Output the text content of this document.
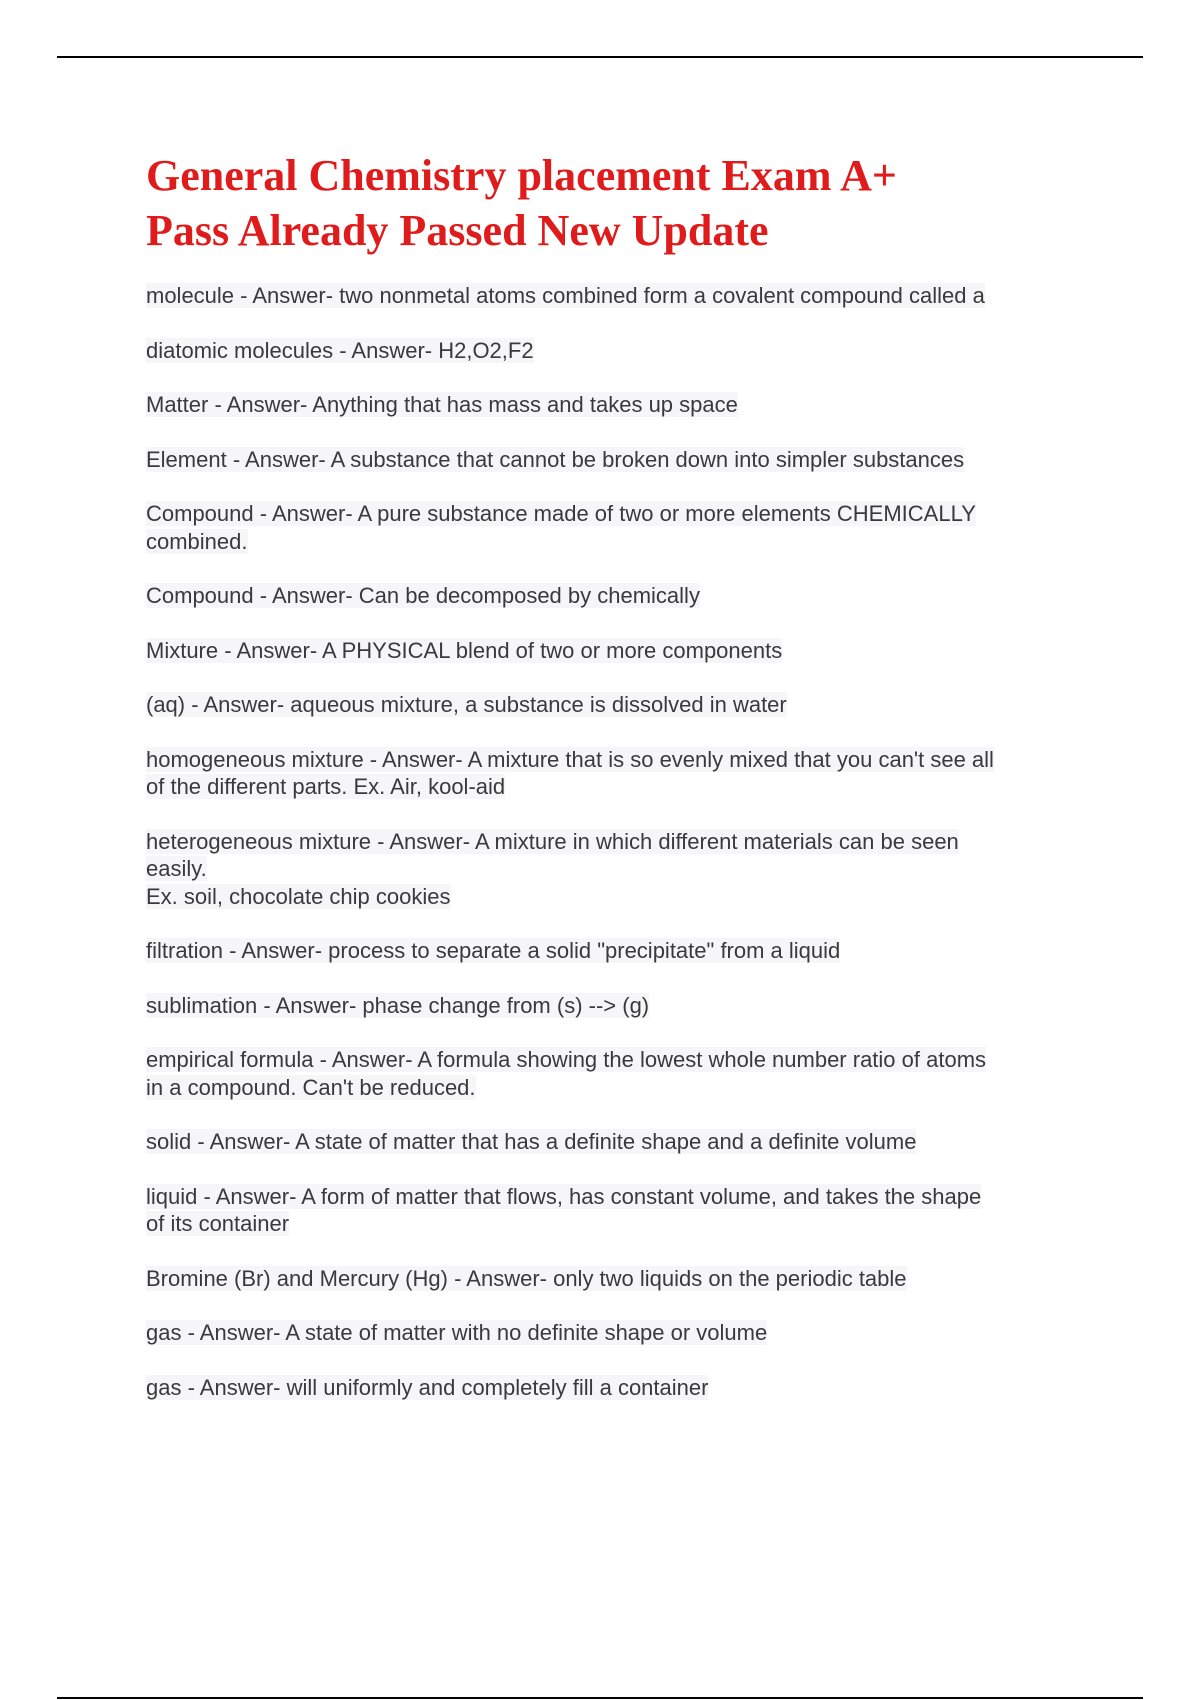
General Chemistry placement Exam A+
Pass Already Passed New Update
molecule - Answer- two nonmetal atoms combined form a covalent compound called a
diatomic molecules - Answer- H2,O2,F2
Matter - Answer- Anything that has mass and takes up space
Element - Answer- A substance that cannot be broken down into simpler substances
Compound - Answer- A pure substance made of two or more elements CHEMICALLY
combined.
Compound - Answer- Can be decomposed by chemically
Mixture - Answer- A PHYSICAL blend of two or more components
(aq) - Answer- aqueous mixture, a substance is dissolved in water
homogeneous mixture - Answer- A mixture that is so evenly mixed that you can't see all
of the different parts. Ex. Air, kool-aid
heterogeneous mixture - Answer- A mixture in which different materials can be seen
easily.
Ex. soil, chocolate chip cookies
filtration - Answer- process to separate a solid "precipitate" from a liquid
sublimation - Answer- phase change from (s) --> (g)
empirical formula - Answer- A formula showing the lowest whole number ratio of atoms
in a compound. Can't be reduced.
solid - Answer- A state of matter that has a definite shape and a definite volume
liquid - Answer- A form of matter that flows, has constant volume, and takes the shape
of its container
Bromine (Br) and Mercury (Hg) - Answer- only two liquids on the periodic table
gas - Answer- A state of matter with no definite shape or volume
gas - Answer- will uniformly and completely fill a container
